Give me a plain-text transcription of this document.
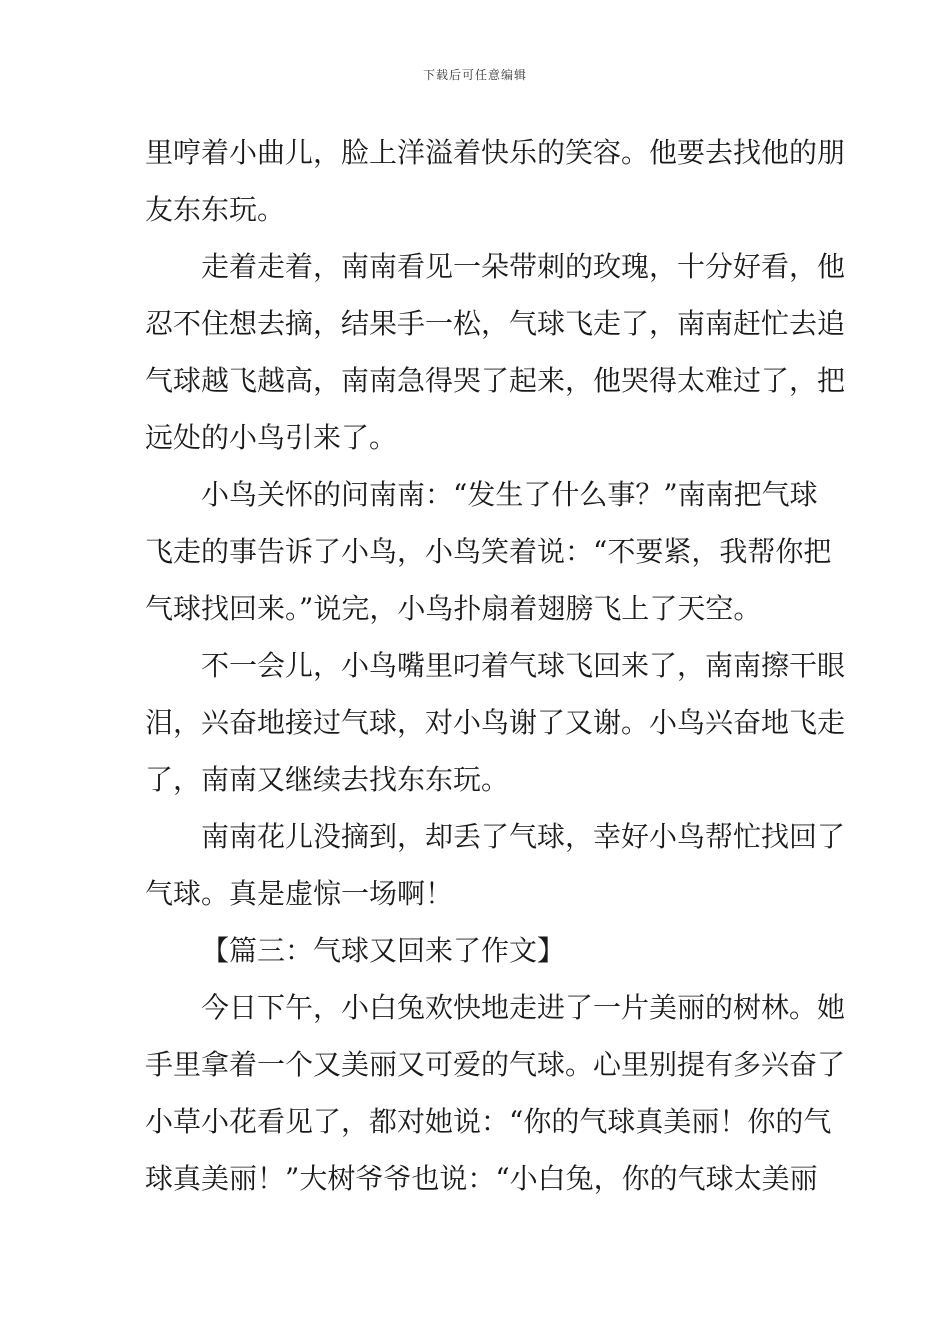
下载后可任意编辑
里哼着小曲儿，脸上洋溢着快乐的笑容。他要去找他的朋
友东东玩。
走着走着，南南看见一朵带刺的玫瑰，十分好看，他
忍不住想去摘，结果手一松，气球飞走了，南南赶忙去追
气球越飞越高，南南急得哭了起来，他哭得太难过了，把
远处的小鸟引来了。
小鸟关怀的问南南：“发生了什么事？”南南把气球
飞走的事告诉了小鸟，小鸟笑着说：“不要紧，我帮你把
气球找回来。”说完，小鸟扑扇着翅膀飞上了天空。
不一会儿，小鸟嘴里叼着气球飞回来了，南南擦干眼
泪，兴奋地接过气球，对小鸟谢了又谢。小鸟兴奋地飞走
了，南南又继续去找东东玩。
南南花儿没摘到，却丢了气球，幸好小鸟帮忙找回了
气球。真是虚惊一场啊！
【篇三：气球又回来了作文】
今日下午，小白兔欢快地走进了一片美丽的树林。她
手里拿着一个又美丽又可爱的气球。心里别提有多兴奋了
小草小花看见了，都对她说：“你的气球真美丽！你的气
球真美丽！”大树爷爷也说：“小白兔，你的气球太美丽
